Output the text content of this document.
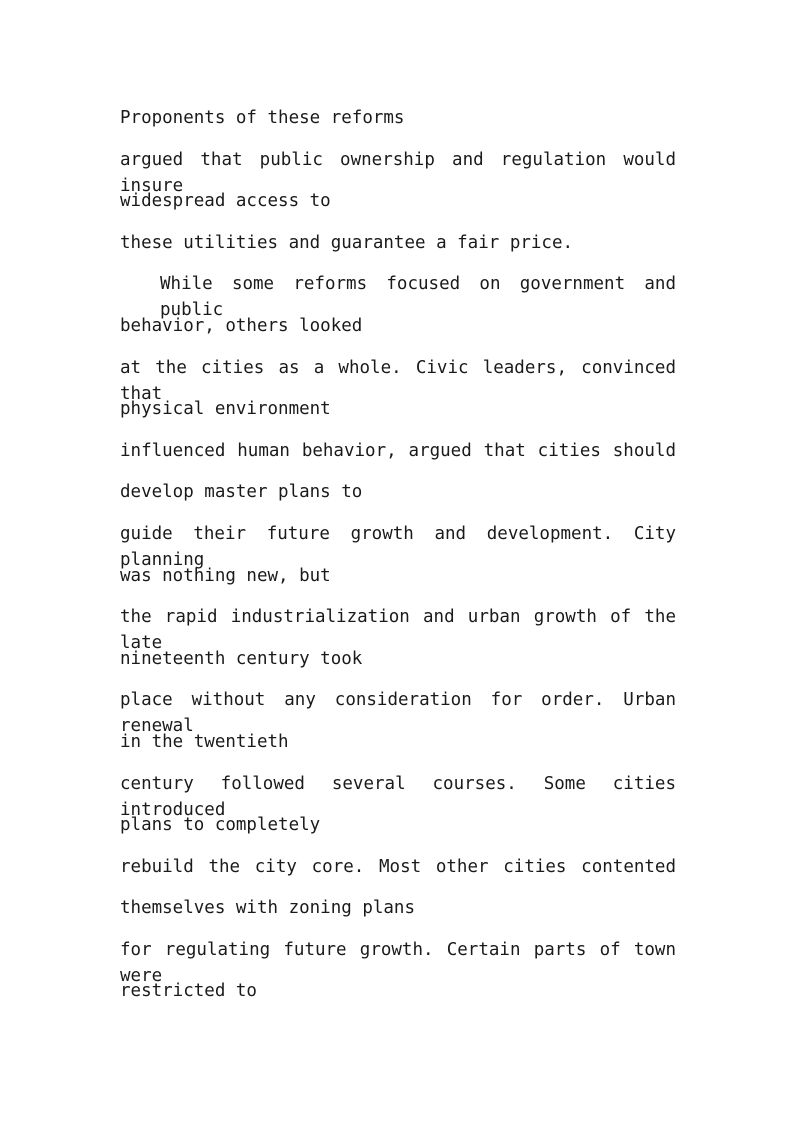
Proponents of these reforms
argued that public ownership and regulation would insure
widespread access to
these utilities and guarantee a fair price.
While some reforms focused on government and public
behavior, others looked
at the cities as a whole. Civic leaders, convinced that
physical environment
influenced human behavior, argued that cities should
develop master plans to
guide their future growth and development. City planning
was nothing new, but
the rapid industrialization and urban growth of the late
nineteenth century took
place without any consideration for order. Urban renewal
in the twentieth
century followed several courses. Some cities introduced
plans to completely
rebuild the city core. Most other cities contented
themselves with zoning plans
for regulating future growth. Certain parts of town were
restricted to
